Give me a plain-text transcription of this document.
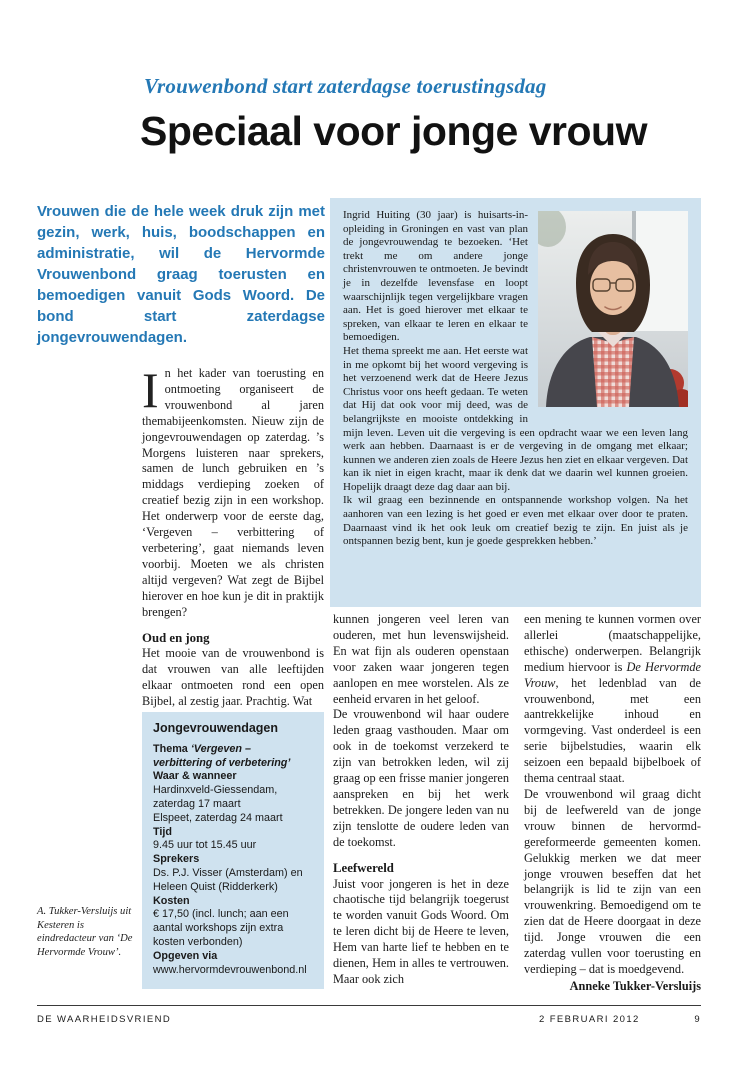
Vrouwenbond start zaterdagse toerustingsdag
Speciaal voor jonge vrouw

Vrouwen die de hele week druk zijn met gezin, werk, huis, boodschappen en administratie, wil de Hervormde Vrouwenbond graag toerusten en bemoedigen vanuit Gods Woord. De bond start zaterdagse jongevrouwendagen.

Ingrid Huiting (30 jaar) is huisarts-in-opleiding in Groningen en vast van plan de jongevrouwendag te bezoeken. ‘Het trekt me om andere jonge christenvrouwen te ontmoeten. Je bevindt je in dezelfde levensfase en loopt waarschijnlijk tegen vergelijkbare vragen aan. Het is goed hierover met elkaar te spreken, van elkaar te leren en elkaar te bemoedigen.

Het thema spreekt me aan. Het eerste wat in me opkomt bij het woord vergeving is het verzoenend werk dat de Heere Jezus Christus voor ons heeft gedaan. Te weten dat Hij dat ook voor mij deed, was de belangrijkste en mooiste ontdekking in mijn leven. Leven uit die vergeving is een opdracht waar we een leven lang werk aan hebben. Daarnaast is er de vergeving in de omgang met elkaar; kunnen we anderen zien zoals de Heere Jezus hen ziet en elkaar vergeven. Dat kan ik niet in eigen kracht, maar ik denk dat we daarin wel kunnen groeien. Hopelijk draagt deze dag daar aan bij.

Ik wil graag een bezinnende en ontspannende workshop volgen. Na het aanhoren van een lezing is het goed er even met elkaar over door te praten. Daarnaast vind ik het ook leuk om creatief bezig te zijn. En juist als je ontspannen bezig bent, kun je goede gesprekken hebben.’

In het kader van toerusting en ontmoeting organiseert de vrouwenbond al jaren themabijeenkomsten. Nieuw zijn de jongevrouwendagen op zaterdag. ’s Morgens luisteren naar sprekers, samen de lunch gebruiken en ’s middags verdieping zoeken of creatief bezig zijn in een workshop. Het onderwerp voor de eerste dag, ‘Vergeven – verbittering of verbetering’, gaat niemands leven voorbij. Moeten we als christen altijd vergeven? Wat zegt de Bijbel hierover en hoe kun je dit in praktijk brengen?

Oud en jong

Het mooie van de vrouwenbond is dat vrouwen van alle leeftijden elkaar ontmoeten rond een open Bijbel, al zestig jaar. Prachtig. Wat

Jongevrouwendagen
Thema ‘Vergeven – verbittering of verbetering’
Waar & wanneer
Hardinxveld-Giessendam, zaterdag 17 maart
Elspeet, zaterdag 24 maart
Tijd
9.45 uur tot 15.45 uur
Sprekers
Ds. P.J. Visser (Amsterdam) en Heleen Quist (Ridderkerk)
Kosten
€ 17,50 (incl. lunch; aan een aantal workshops zijn extra kosten verbonden)
Opgeven via
www.hervormdevrouwenbond.nl
A. Tukker-Versluijs uit Kesteren is eindredacteur van ‘De Hervormde Vrouw’.

kunnen jongeren veel leren van ouderen, met hun levenswijsheid. En wat fijn als ouderen openstaan voor zaken waar jongeren tegen aanlopen en mee worstelen. Als ze eenheid ervaren in het geloof.

De vrouwenbond wil haar oudere leden graag vasthouden. Maar om ook in de toekomst verzekerd te zijn van betrokken leden, wil zij graag op een frisse manier jongeren aanspreken en bij het werk betrekken. De jongere leden van nu zijn tenslotte de oudere leden van de toekomst.

Leefwereld

Juist voor jongeren is het in deze chaotische tijd belangrijk toegerust te worden vanuit Gods Woord. Om te leren dicht bij de Heere te leven, Hem van harte lief te hebben en te dienen, Hem in alles te vertrouwen. Maar ook zich

een mening te kunnen vormen over allerlei (maatschappelijke, ethische) onderwerpen. Belangrijk medium hiervoor is De Hervormde Vrouw, het ledenblad van de vrouwenbond, met een aantrekkelijke inhoud en vormgeving. Vast onderdeel is een serie bijbelstudies, waarin elk seizoen een bepaald bijbelboek of thema centraal staat.

De vrouwenbond wil graag dicht bij de leefwereld van de jonge vrouw binnen de hervormd-gereformeerde gemeenten komen. Gelukkig merken we dat meer jonge vrouwen beseffen dat het belangrijk is lid te zijn van een vrouwenkring. Bemoedigend om te zien dat de Heere doorgaat in deze tijd. Jonge vrouwen die een zaterdag vullen voor toerusting en verdieping – dat is moedgevend.

Anneke Tukker-Versluijs
DE WAARHEIDSVRIEND	2 FEBRUARI 2012	9
